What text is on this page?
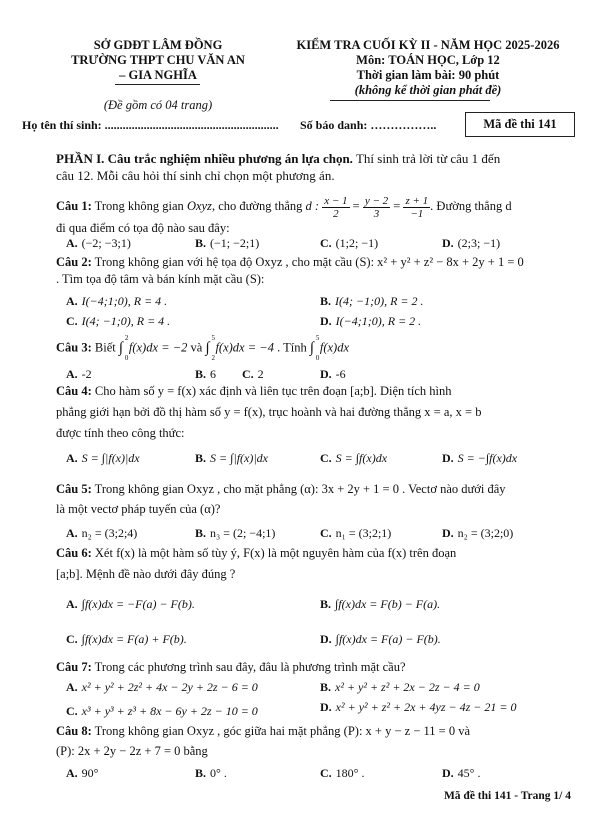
SỞ GDĐT LÂM ĐỒNG
TRƯỜNG THPT CHU VĂN AN
– GIA NGHĨA
(Đề gồm có 04 trang)
KIỂM TRA CUỐI KỲ II - NĂM HỌC 2025-2026
Môn: TOÁN HỌC, Lớp 12
Thời gian làm bài: 90 phút
(không kể thời gian phát đề)
Họ tên thí sinh: .......................................................... Số báo danh: ……………..	Mã đề thi 141
PHẦN I. Câu trắc nghiệm nhiều phương án lựa chọn. Thí sinh trả lời từ câu 1 đến
câu 12. Mỗi câu hỏi thí sinh chỉ chọn một phương án.
Câu 1: Trong không gian Oxyz, cho đường thẳng d : $\frac{x - 1}{2} = \frac{y - 2}{3} = \frac{z + 1}{-1}$ . Đường thẳng d
đi qua điểm có tọa độ nào sau đây:
A. (−2; −3;1)	B. (−1; −2;1)	C. (1;2; −1)	D. (2;3; −1)
Câu 2: Trong không gian với hệ tọa độ Oxyz , cho mặt cầu (S): x² + y² + z² − 8x + 2y + 1 = 0
. Tìm tọa độ tâm và bán kính mặt cầu (S):
A. I(−4;1;0), R = 4 .	B. I(4; −1;0), R = 2 .
C. I(4; −1;0), R = 4 .	D. I(−4;1;0), R = 2 .
Câu 3: Biết ∫
2
0
f(x)dx = −2 và ∫
5
2
f(x)dx = −4 . Tính ∫
5
0
f(x)dx
A. -2	B. 6 C. 2	D. -6
Câu 4: Cho hàm số y = f(x) xác định và liên tục trên đoạn [a;b]. Diện tích hình
phẳng giới hạn bởi đồ thị hàm số y = f(x), trục hoành và hai đường thẳng x = a, x = b
được tính theo công thức:
A. S = ∫|f(x)|dx	B. S = ∫|f(x)|dx	C. S = ∫f(x)dx	D. S = −∫f(x)dx
Câu 5: Trong không gian Oxyz , cho mặt phẳng (α): 3x + 2y + 1 = 0 . Vectơ nào dưới đây
là một vectơ pháp tuyến của (α)?
A. n₂ = (3;2;4)	B. n₃ = (2; −4;1)	C. n₁ = (3;2;1)	D. n₂ = (3;2;0)
Câu 6: Xét f(x) là một hàm số tùy ý, F(x) là một nguyên hàm của f(x) trên đoạn
[a;b]. Mệnh đề nào dưới đây đúng ?
A. ∫f(x)dx = −F(a) − F(b).	B. ∫f(x)dx = F(b) − F(a).
C. ∫f(x)dx = F(a) + F(b).	D. ∫f(x)dx = F(a) − F(b).
Câu 7: Trong các phương trình sau đây, đâu là phương trình mặt cầu?
A. x² + y² + 2z² + 4x − 2y + 2z − 6 = 0	B. x² + y² + z² + 2x − 2z − 4 = 0
C. x³ + y³ + z³ + 8x − 6y + 2z − 10 = 0	D. x² + y² + z² + 2x + 4yz − 4z − 21 = 0
Câu 8: Trong không gian Oxyz , góc giữa hai mặt phẳng (P): x + y − z − 11 = 0 và
(P): 2x + 2y − 2z + 7 = 0 bằng
A. 90°	B. 0° .	C. 180° .	D. 45° .
Mã đề thi 141 - Trang 1/ 4
